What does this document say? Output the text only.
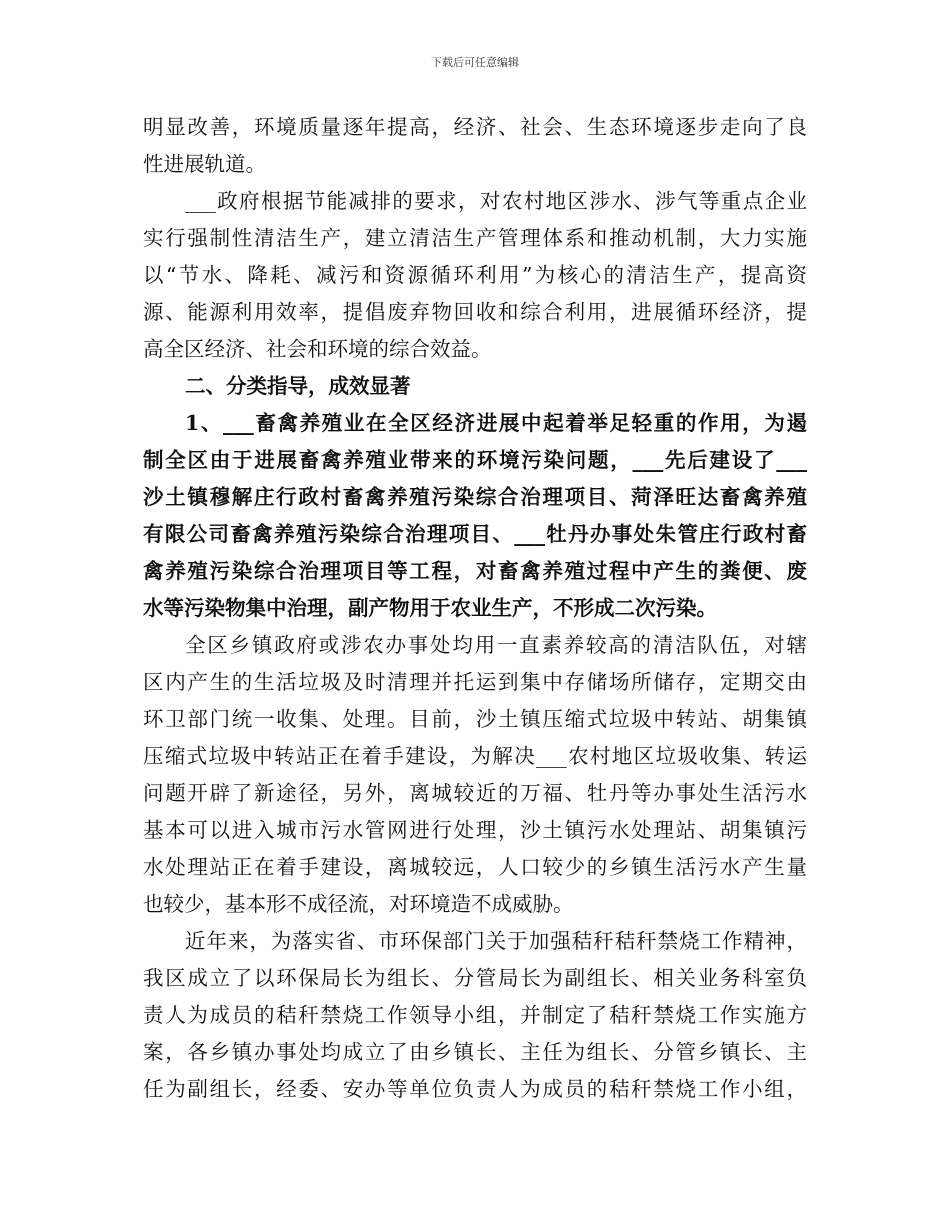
下载后可任意编辑
明显改善，环境质量逐年提高，经济、社会、生态环境逐步走向了良
性进展轨道。
___政府根据节能减排的要求，对农村地区涉水、涉气等重点企业
实行强制性清洁生产，建立清洁生产管理体系和推动机制，大力实施
以“节水、降耗、减污和资源循环利用”为核心的清洁生产，提高资
源、能源利用效率，提倡废弃物回收和综合利用，进展循环经济，提
高全区经济、社会和环境的综合效益。
二、分类指导，成效显著
1、___畜禽养殖业在全区经济进展中起着举足轻重的作用，为遏
制全区由于进展畜禽养殖业带来的环境污染问题，___先后建设了___
沙土镇穆解庄行政村畜禽养殖污染综合治理项目、菏泽旺达畜禽养殖
有限公司畜禽养殖污染综合治理项目、___牡丹办事处朱管庄行政村畜
禽养殖污染综合治理项目等工程，对畜禽养殖过程中产生的粪便、废
水等污染物集中治理，副产物用于农业生产，不形成二次污染。
全区乡镇政府或涉农办事处均用一直素养较高的清洁队伍，对辖
区内产生的生活垃圾及时清理并托运到集中存储场所储存，定期交由
环卫部门统一收集、处理。目前，沙土镇压缩式垃圾中转站、胡集镇
压缩式垃圾中转站正在着手建设，为解决___农村地区垃圾收集、转运
问题开辟了新途径，另外，离城较近的万福、牡丹等办事处生活污水
基本可以进入城市污水管网进行处理，沙土镇污水处理站、胡集镇污
水处理站正在着手建设，离城较远，人口较少的乡镇生活污水产生量
也较少，基本形不成径流，对环境造不成威胁。
近年来，为落实省、市环保部门关于加强秸秆秸秆禁烧工作精神，
我区成立了以环保局长为组长、分管局长为副组长、相关业务科室负
责人为成员的秸秆禁烧工作领导小组，并制定了秸秆禁烧工作实施方
案，各乡镇办事处均成立了由乡镇长、主任为组长、分管乡镇长、主
任为副组长，经委、安办等单位负责人为成员的秸秆禁烧工作小组，
